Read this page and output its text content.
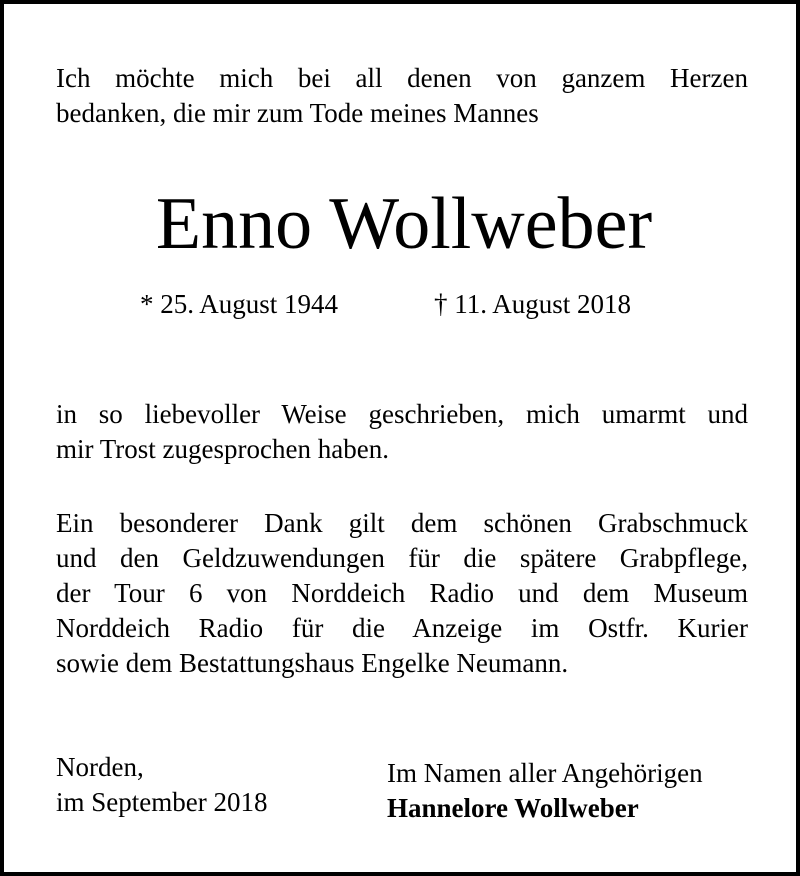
Ich möchte mich bei all denen von ganzem Herzen
bedanken, die mir zum Tode meines Mannes
Enno Wollweber
* 25. August 1944	† 11. August 2018
in so liebevoller Weise geschrieben, mich umarmt und
mir Trost zugesprochen haben.
Ein besonderer Dank gilt dem schönen Grabschmuck
und den Geldzuwendungen für die spätere Grabpflege,
der Tour 6 von Norddeich Radio und dem Museum
Norddeich Radio für die Anzeige im Ostfr. Kurier
sowie dem Bestattungshaus Engelke Neumann.
Norden,
im September 2018
Im Namen aller Angehörigen
Hannelore Wollweber
